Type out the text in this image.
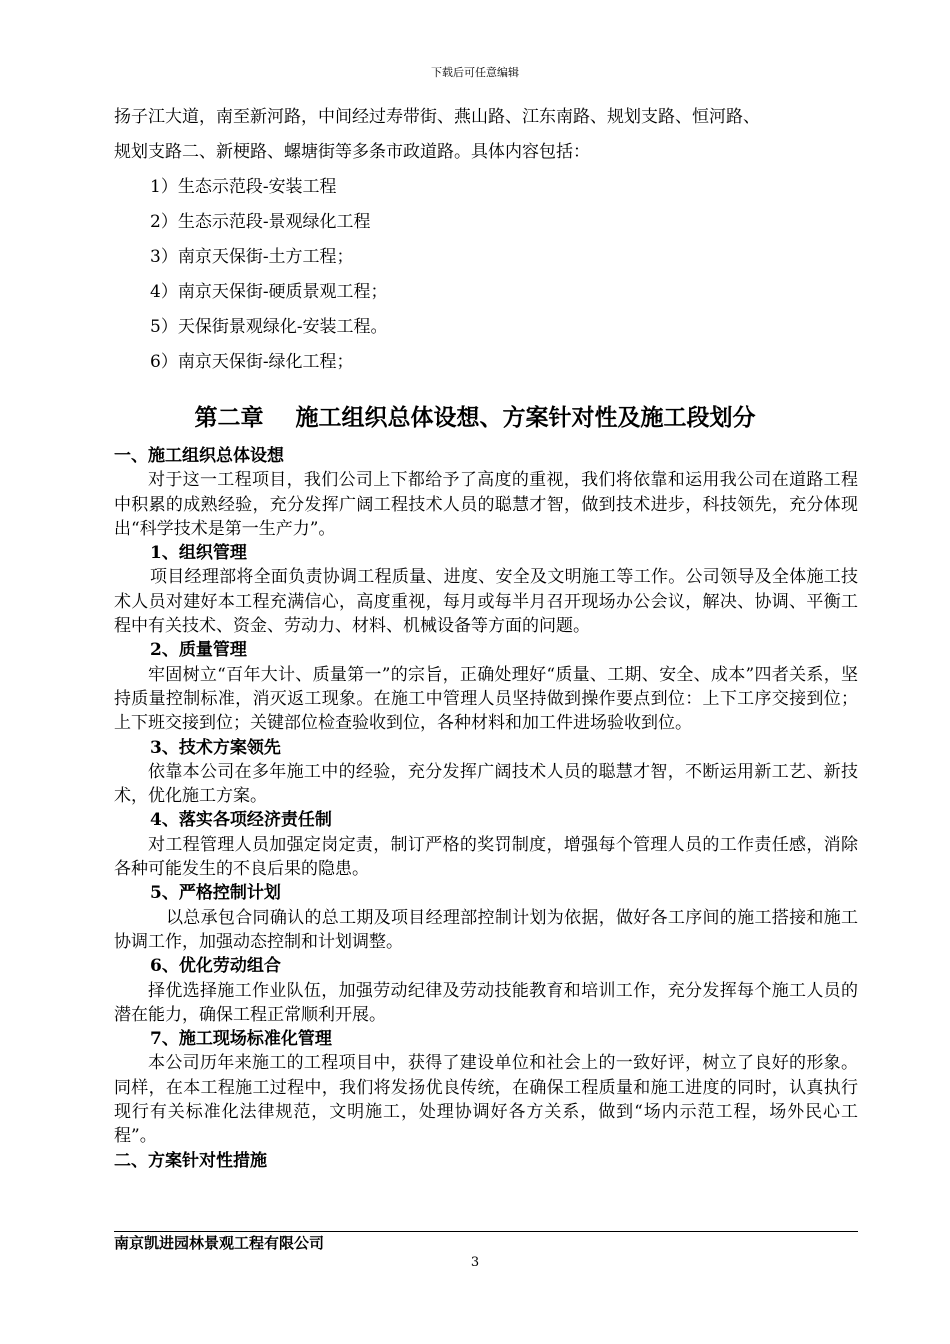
下载后可任意编辑
扬子江大道，南至新河路，中间经过寿带街、燕山路、江东南路、规划支路、恒河路、
规划支路二、新梗路、螺塘街等多条市政道路。具体内容包括：
1）生态示范段-安装工程
2）生态示范段-景观绿化工程
3）南京天保街-土方工程；
4）南京天保街-硬质景观工程；
5）天保街景观绿化-安装工程。
6）南京天保街-绿化工程；
第二章    施工组织总体设想、方案针对性及施工段划分

一、施工组织总体设想

对于这一工程项目，我们公司上下都给予了高度的重视，我们将依靠和运用我公司在道路工程中积累的成熟经验，充分发挥广阔工程技术人员的聪慧才智，做到技术进步，科技领先，充分体现出“科学技术是第一生产力”。

1、组织管理

项目经理部将全面负责协调工程质量、进度、安全及文明施工等工作。公司领导及全体施工技术人员对建好本工程充满信心，高度重视，每月或每半月召开现场办公会议，解决、协调、平衡工程中有关技术、资金、劳动力、材料、机械设备等方面的问题。

2、质量管理

牢固树立“百年大计、质量第一”的宗旨，正确处理好“质量、工期、安全、成本”四者关系，坚持质量控制标准，消灭返工现象。在施工中管理人员坚持做到操作要点到位：上下工序交接到位；上下班交接到位；关键部位检查验收到位，各种材料和加工件进场验收到位。

3、技术方案领先

依靠本公司在多年施工中的经验，充分发挥广阔技术人员的聪慧才智，不断运用新工艺、新技术，优化施工方案。

4、落实各项经济责任制

对工程管理人员加强定岗定责，制订严格的奖罚制度，增强每个管理人员的工作责任感，消除各种可能发生的不良后果的隐患。

5、严格控制计划

以总承包合同确认的总工期及项目经理部控制计划为依据，做好各工序间的施工搭接和施工协调工作，加强动态控制和计划调整。

6、优化劳动组合

择优选择施工作业队伍，加强劳动纪律及劳动技能教育和培训工作，充分发挥每个施工人员的潜在能力，确保工程正常顺利开展。

7、施工现场标准化管理

本公司历年来施工的工程项目中，获得了建设单位和社会上的一致好评，树立了良好的形象。同样，在本工程施工过程中，我们将发扬优良传统，在确保工程质量和施工进度的同时，认真执行现行有关标准化法律规范，文明施工，处理协调好各方关系，做到“场内示范工程，场外民心工程”。

二、方案针对性措施

南京凯进园林景观工程有限公司
3
